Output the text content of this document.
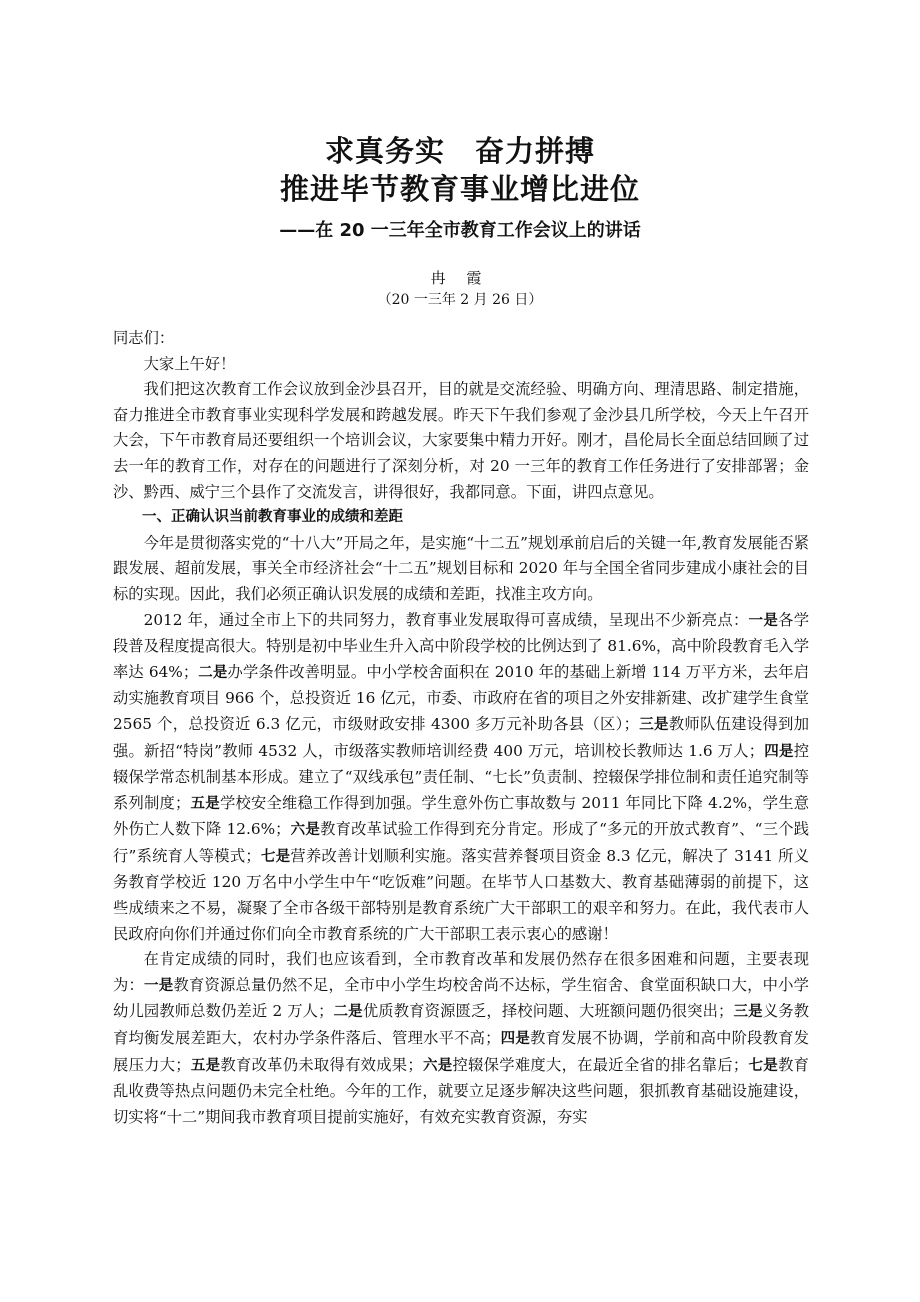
求真务实　奋力拼搏
推进毕节教育事业增比进位
——在 20 一三年全市教育工作会议上的讲话
冉 霞
（20 一三年 2 月 26 日）

同志们：

大家上午好！

我们把这次教育工作会议放到金沙县召开，目的就是交流经验、明确方向、理清思路、制定措施，奋力推进全市教育事业实现科学发展和跨越发展。昨天下午我们参观了金沙县几所学校，今天上午召开大会，下午市教育局还要组织一个培训会议，大家要集中精力开好。刚才，昌伦局长全面总结回顾了过去一年的教育工作，对存在的问题进行了深刻分析，对 20 一三年的教育工作任务进行了安排部署；金沙、黔西、威宁三个县作了交流发言，讲得很好，我都同意。下面，讲四点意见。

一、正确认识当前教育事业的成绩和差距

今年是贯彻落实党的“十八大”开局之年，是实施“十二五”规划承前启后的关键一年,教育发展能否紧跟发展、超前发展，事关全市经济社会“十二五”规划目标和 2020 年与全国全省同步建成小康社会的目标的实现。因此，我们必须正确认识发展的成绩和差距，找准主攻方向。

2012 年，通过全市上下的共同努力，教育事业发展取得可喜成绩，呈现出不少新亮点：一是各学段普及程度提高很大。特别是初中毕业生升入高中阶段学校的比例达到了 81.6%，高中阶段教育毛入学率达 64%；二是办学条件改善明显。中小学校舍面积在 2010 年的基础上新增 114 万平方米，去年启动实施教育项目 966 个，总投资近 16 亿元，市委、市政府在省的项目之外安排新建、改扩建学生食堂 2565 个，总投资近 6.3 亿元，市级财政安排 4300 多万元补助各县（区）；三是教师队伍建设得到加强。新招“特岗”教师 4532 人，市级落实教师培训经费 400 万元，培训校长教师达 1.6 万人；四是控辍保学常态机制基本形成。建立了“双线承包”责任制、“七长”负责制、控辍保学排位制和责任追究制等系列制度；五是学校安全维稳工作得到加强。学生意外伤亡事故数与 2011 年同比下降 4.2%，学生意外伤亡人数下降 12.6%；六是教育改革试验工作得到充分肯定。形成了“多元的开放式教育”、“三个践行”系统育人等模式；七是营养改善计划顺利实施。落实营养餐项目资金 8.3 亿元，解决了 3141 所义务教育学校近 120 万名中小学生中午“吃饭难”问题。在毕节人口基数大、教育基础薄弱的前提下，这些成绩来之不易，凝聚了全市各级干部特别是教育系统广大干部职工的艰辛和努力。在此，我代表市人民政府向你们并通过你们向全市教育系统的广大干部职工表示衷心的感谢！

在肯定成绩的同时，我们也应该看到，全市教育改革和发展仍然存在很多困难和问题，主要表现为：一是教育资源总量仍然不足，全市中小学生均校舍尚不达标，学生宿舍、食堂面积缺口大，中小学幼儿园教师总数仍差近 2 万人；二是优质教育资源匮乏，择校问题、大班额问题仍很突出；三是义务教育均衡发展差距大，农村办学条件落后、管理水平不高；四是教育发展不协调，学前和高中阶段教育发展压力大；五是教育改革仍未取得有效成果；六是控辍保学难度大，在最近全省的排名靠后；七是教育乱收费等热点问题仍未完全杜绝。今年的工作，就要立足逐步解决这些问题，狠抓教育基础设施建设，切实将“十二”期间我市教育项目提前实施好，有效充实教育资源，夯实
